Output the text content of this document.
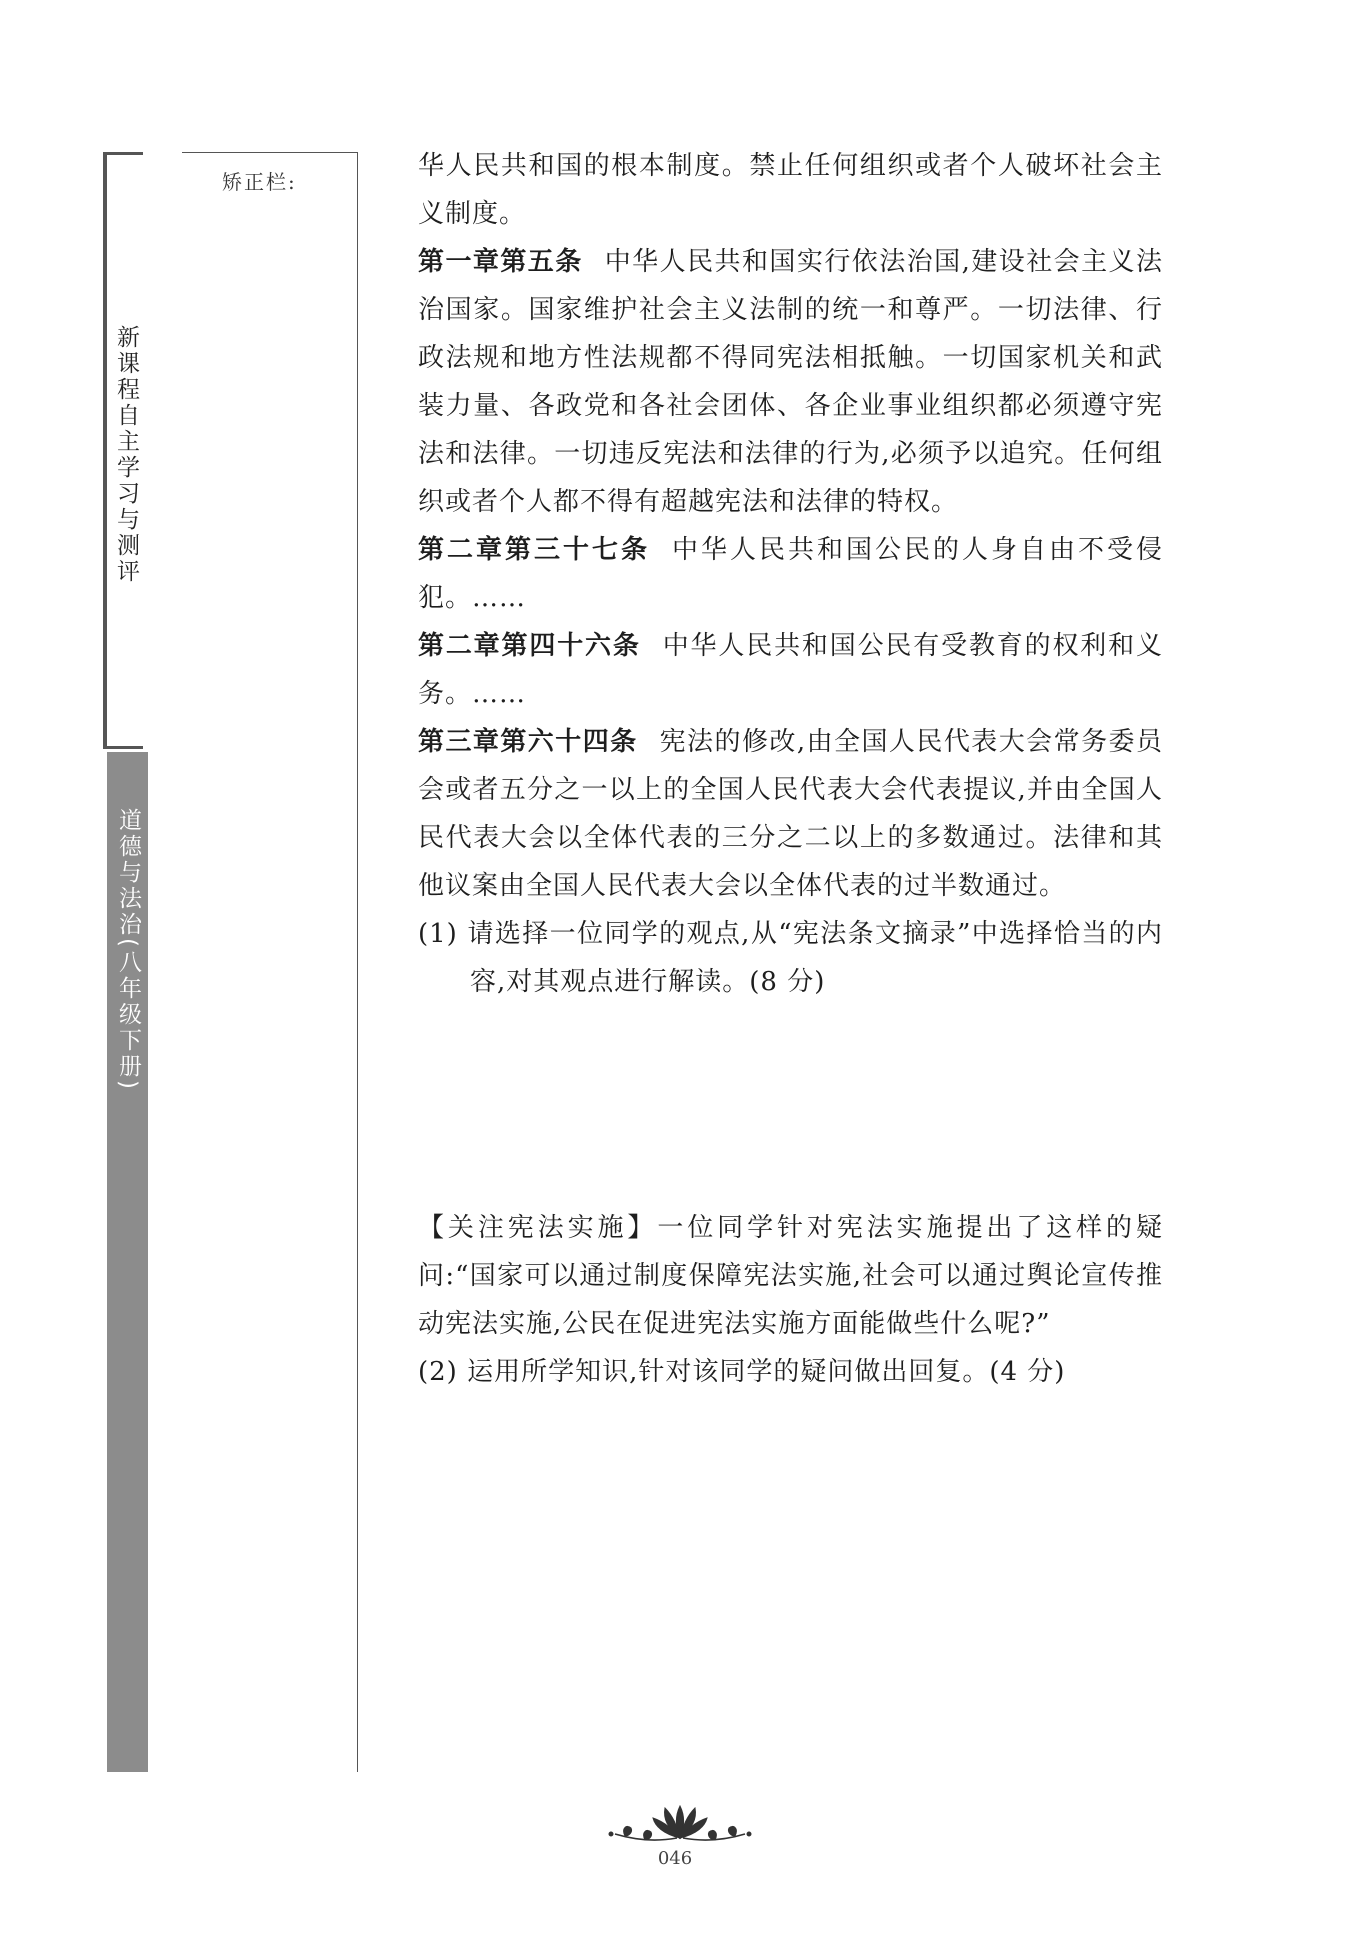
新课程自主学习与测评
道德与法治(八年级下册)
矫正栏:

华人民共和国的根本制度。禁止任何组织或者个人破坏社会主义制度。

第一章第五条 中华人民共和国实行依法治国,建设社会主义法治国家。国家维护社会主义法制的统一和尊严。一切法律、行政法规和地方性法规都不得同宪法相抵触。一切国家机关和武装力量、各政党和各社会团体、各企业事业组织都必须遵守宪法和法律。一切违反宪法和法律的行为,必须予以追究。任何组织或者个人都不得有超越宪法和法律的特权。

第二章第三十七条 中华人民共和国公民的人身自由不受侵犯。……

第二章第四十六条 中华人民共和国公民有受教育的权利和义务。……

第三章第六十四条 宪法的修改,由全国人民代表大会常务委员会或者五分之一以上的全国人民代表大会代表提议,并由全国人民代表大会以全体代表的三分之二以上的多数通过。法律和其他议案由全国人民代表大会以全体代表的过半数通过。

(1) 请选择一位同学的观点,从“宪法条文摘录”中选择恰当的内容,对其观点进行解读。(8 分)

【关注宪法实施】一位同学针对宪法实施提出了这样的疑问:“国家可以通过制度保障宪法实施,社会可以通过舆论宣传推动宪法实施,公民在促进宪法实施方面能做些什么呢?”

(2) 运用所学知识,针对该同学的疑问做出回复。(4 分)

046
